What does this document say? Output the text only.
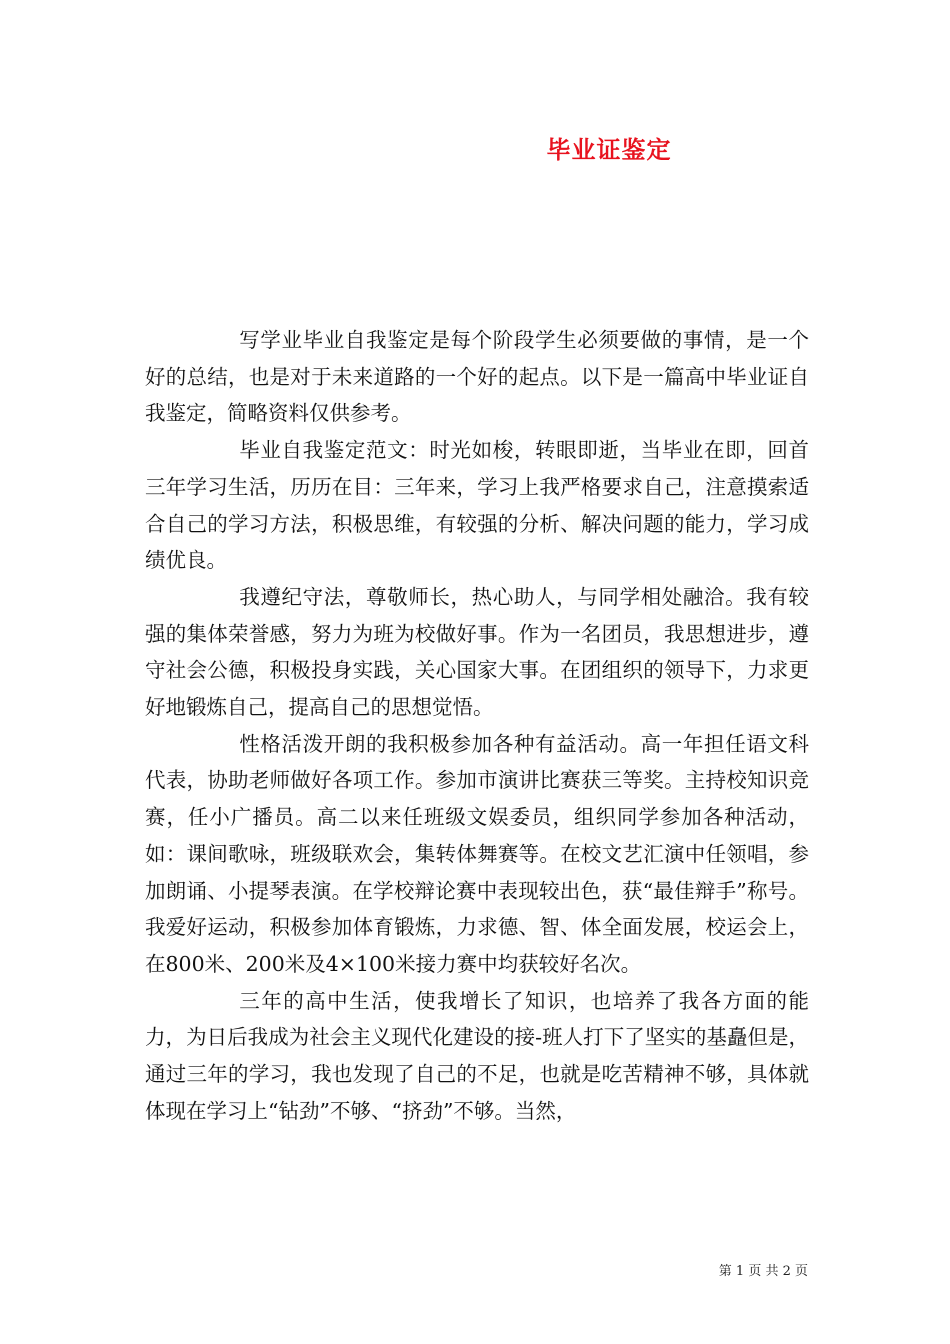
毕业证鉴定

写学业毕业自我鉴定是每个阶段学生必须要做的事情，是一个好的总结，也是对于未来道路的一个好的起点。以下是一篇高中毕业证自我鉴定，简略资料仅供参考。

毕业自我鉴定范文：时光如梭，转眼即逝，当毕业在即，回首三年学习生活，历历在目：三年来，学习上我严格要求自己，注意摸索适合自己的学习方法，积极思维，有较强的分析、解决问题的能力，学习成绩优良。

我遵纪守法，尊敬师长，热心助人，与同学相处融洽。我有较强的集体荣誉感，努力为班为校做好事。作为一名团员，我思想进步，遵守社会公德，积极投身实践，关心国家大事。在团组织的领导下，力求更好地锻炼自己，提高自己的思想觉悟。

性格活泼开朗的我积极参加各种有益活动。高一年担任语文科代表，协助老师做好各项工作。参加市演讲比赛获三等奖。主持校知识竞赛，任小广播员。高二以来任班级文娱委员，组织同学参加各种活动，如：课间歌咏，班级联欢会，集转体舞赛等。在校文艺汇演中任领唱，参加朗诵、小提琴表演。在学校辩论赛中表现较出色，获“最佳辩手”称号。我爱好运动，积极参加体育锻炼，力求德、智、体全面发展，校运会上，在800米、200米及4×100米接力赛中均获较好名次。

三年的高中生活，使我增长了知识，也培养了我各方面的能力，为日后我成为社会主义现代化建设的接-班人打下了坚实的基矗但是，通过三年的学习，我也发现了自己的不足，也就是吃苦精神不够，具体就体现在学习上“钻劲”不够、“挤劲”不够。当然，

第 1 页 共 2 页
